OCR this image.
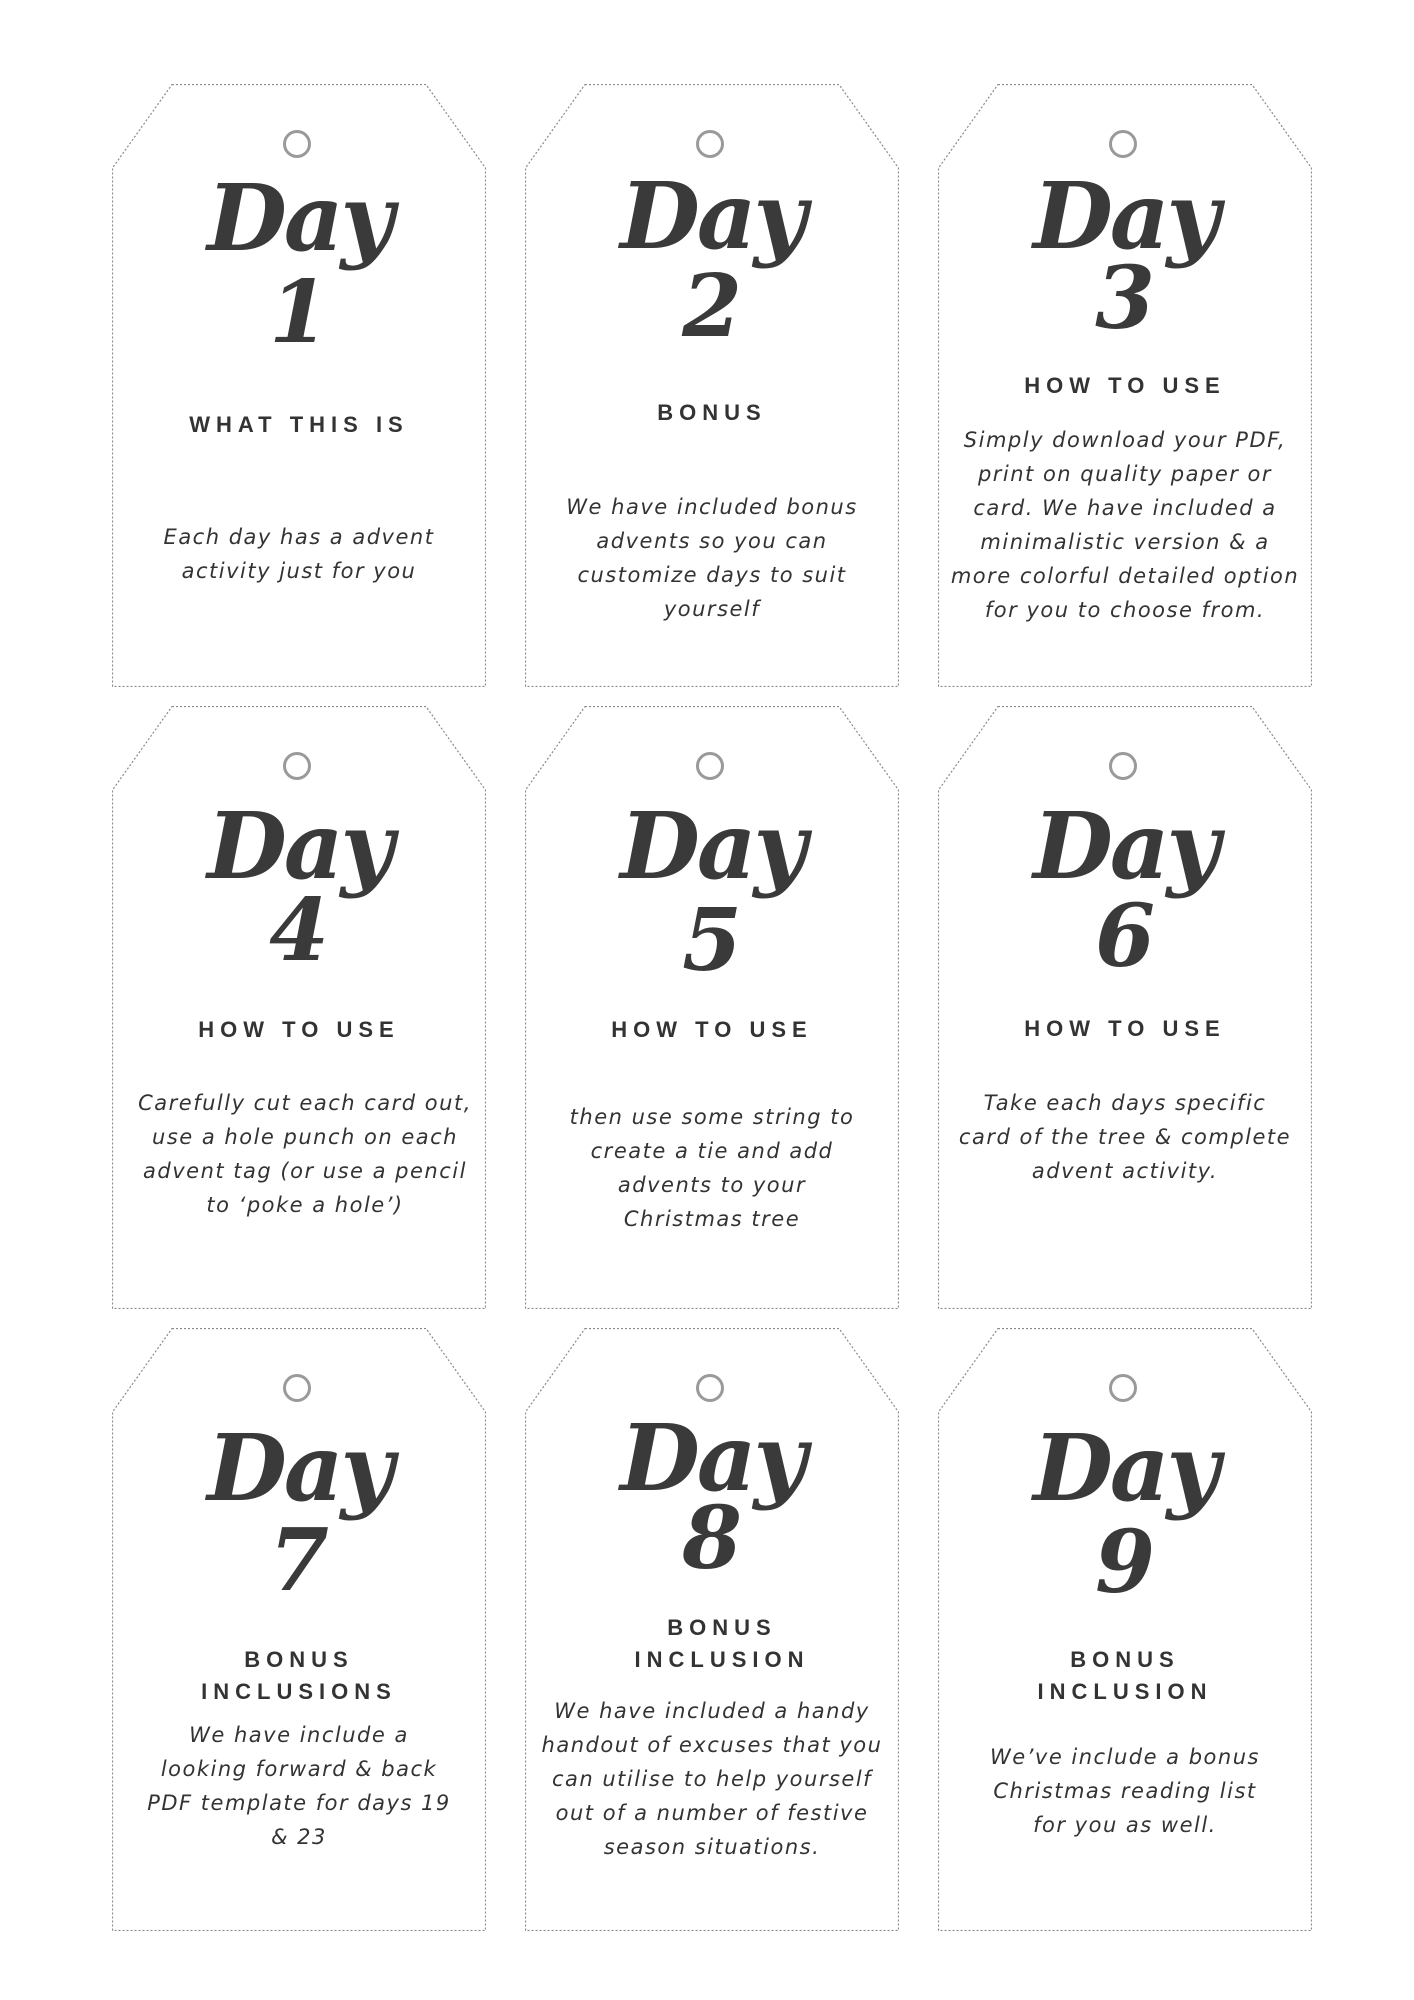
Day
1
WHAT THIS IS
Each day has a advent activity just for you
Day
2
BONUS
We have included bonus advents so you can customize days to suit yourself
Day
3
HOW TO USE
Simply download your PDF, print on quality paper or card. We have included a minimalistic version & a more colorful detailed option for you to choose from.
Day
4
HOW TO USE
Carefully cut each card out, use a hole punch on each advent tag (or use a pencil to ‘poke a hole’)
Day
5
HOW TO USE
then use some string to create a tie and add advents to your Christmas tree
Day
6
HOW TO USE
Take each days specific card of the tree & complete advent activity.
Day
7
BONUS INCLUSIONS
We have include a looking forward & back PDF template for days 19 & 23
Day
8
BONUS INCLUSION
We have included a handy handout of excuses that you can utilise to help yourself out of a number of festive season situations.
Day
9
BONUS INCLUSION
We’ve include a bonus Christmas reading list for you as well.
